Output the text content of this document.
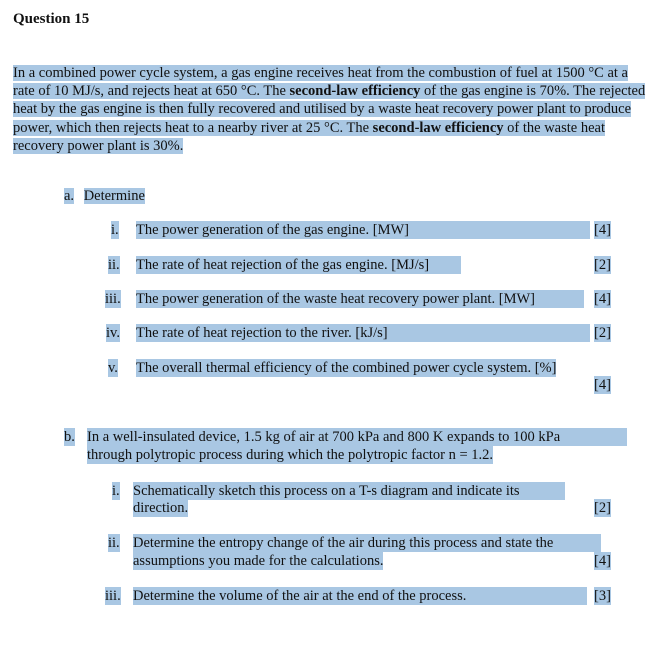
Question 15
In a combined power cycle system, a gas engine receives heat from the combustion of fuel at 1500 °C at a rate of 10 MJ/s, and rejects heat at 650 °C. The second-law efficiency of the gas engine is 70%. The rejected heat by the gas engine is then fully recovered and utilised by a waste heat recovery power plant to produce power, which then rejects heat to a nearby river at 25 °C. The second-law efficiency of the waste heat recovery power plant is 30%.
a. Determine
i. The power generation of the gas engine. [MW]	[4]
ii. The rate of heat rejection of the gas engine. [MJ/s]	[2]
iii. The power generation of the waste heat recovery power plant. [MW]	[4]
iv. The rate of heat rejection to the river. [kJ/s]	[2]
v. The overall thermal efficiency of the combined power cycle system. [%]
[4]
b. In a well-insulated device, 1.5 kg of air at 700 kPa and 800 K expands to 100 kPa
through polytropic process during which the polytropic factor n = 1.2.
i. Schematically sketch this process on a T-s diagram and indicate its
direction.	[2]
ii. Determine the entropy change of the air during this process and state the
assumptions you made for the calculations.	[4]
iii. Determine the volume of the air at the end of the process.	[3]
